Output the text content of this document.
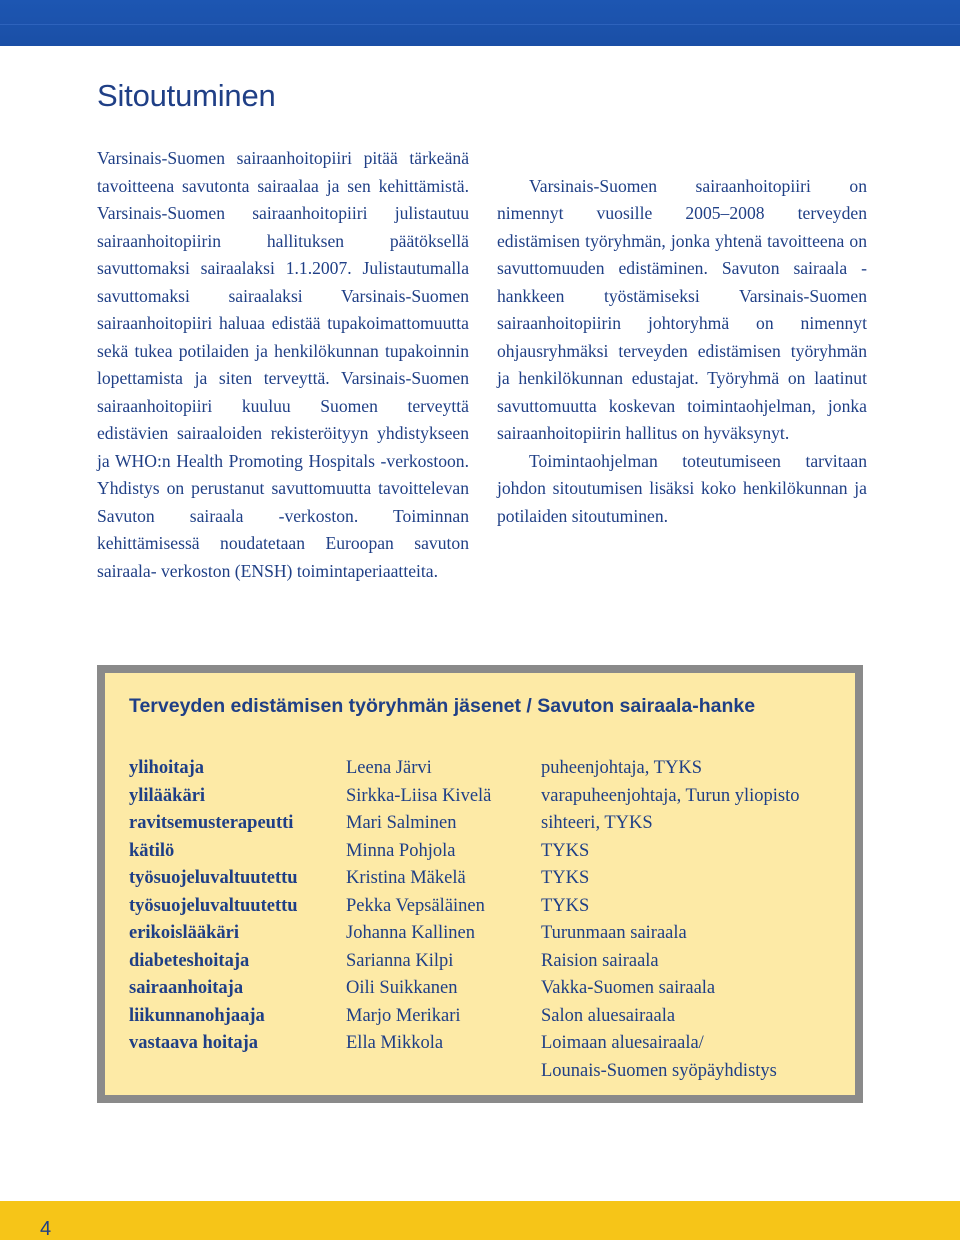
Sitoutuminen

Varsinais-Suomen sairaanhoitopiiri pitää tärkeänä tavoitteena savutonta sairaalaa ja sen kehittämistä. Varsinais-Suomen sairaanhoitopiiri julistautuu sairaanhoitopiirin hallituksen päätöksellä savuttomaksi sairaalaksi 1.1.2007. Julistautumalla savuttomaksi sairaalaksi Varsinais-Suomen sairaanhoitopiiri haluaa edistää tupakoimattomuutta sekä tukea potilaiden ja henkilökunnan tupakoinnin lopettamista ja siten terveyttä. Varsinais-Suomen sairaanhoitopiiri kuuluu Suomen terveyttä edistävien sairaaloiden rekisteröityyn yhdistykseen ja WHO:n Health Promoting Hospitals -verkostoon. Yhdistys on perustanut savuttomuutta tavoittelevan Savuton sairaala -verkoston. Toiminnan kehittämisessä noudatetaan Euroopan savuton sairaala- verkoston (ENSH) toimintaperiaatteita.

Varsinais-Suomen sairaanhoitopiiri on nimennyt vuosille 2005–2008 terveyden edistämisen työryhmän, jonka yhtenä tavoitteena on savuttomuuden edistäminen. Savuton sairaala -hankkeen työstämiseksi Varsinais-Suomen sairaanhoitopiirin johtoryhmä on nimennyt ohjausryhmäksi terveyden edistämisen työryhmän ja henkilökunnan edustajat. Työryhmä on laatinut savuttomuutta koskevan toimintaohjelman, jonka sairaanhoitopiirin hallitus on hyväksynyt.

Toimintaohjelman toteutumiseen tarvitaan johdon sitoutumisen lisäksi koko henkilökunnan ja potilaiden sitoutuminen.

Terveyden edistämisen työryhmän jäsenet / Savuton sairaala-hanke
ylihoitaja	Leena Järvi	puheenjohtaja, TYKS
ylilääkäri	Sirkka-Liisa Kivelä	varapuheenjohtaja, Turun yliopisto
ravitsemusterapeutti	Mari Salminen	sihteeri, TYKS
kätilö	Minna Pohjola	TYKS
työsuojeluvaltuutettu	Kristina Mäkelä	TYKS
työsuojeluvaltuutettu	Pekka Vepsäläinen	TYKS
erikoislääkäri	Johanna Kallinen	Turunmaan sairaala
diabeteshoitaja	Sarianna Kilpi	Raision sairaala
sairaanhoitaja	Oili Suikkanen	Vakka-Suomen sairaala
liikunnanohjaaja	Marjo Merikari	Salon aluesairaala
vastaava hoitaja	Ella Mikkola	Loimaan aluesairaala/
		Lounais-Suomen syöpäyhdistys
4
